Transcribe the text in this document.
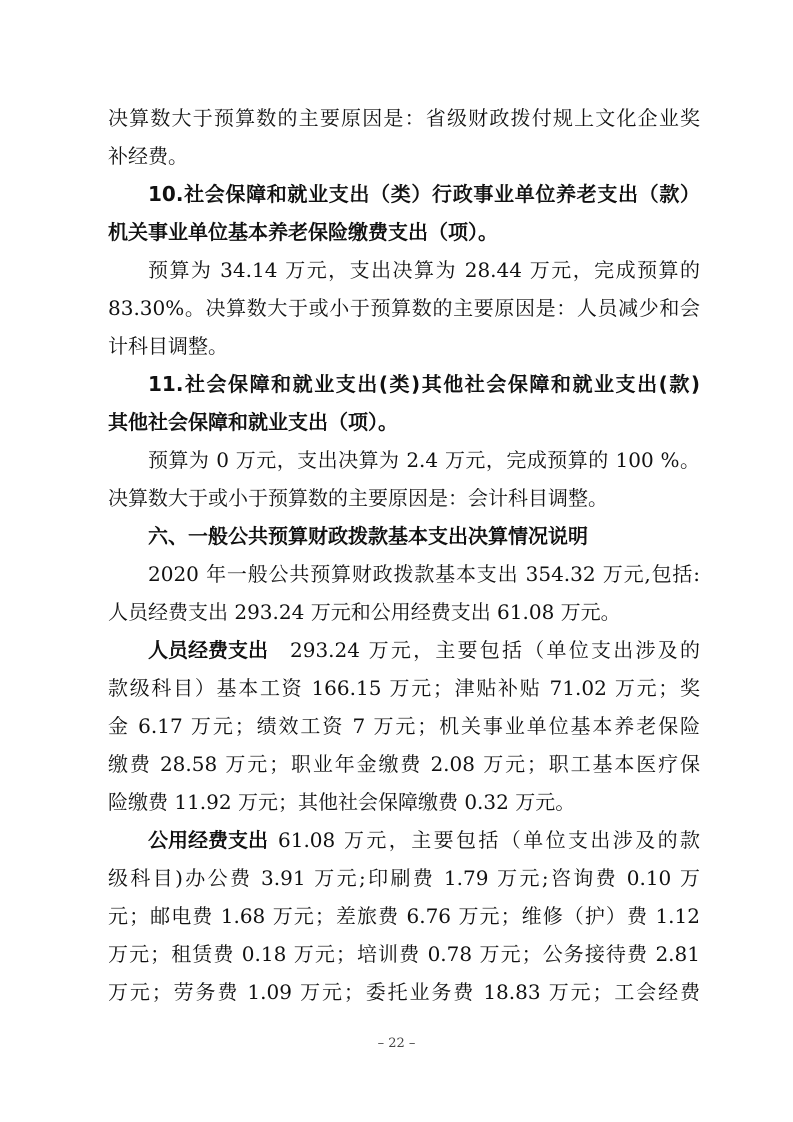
决算数大于预算数的主要原因是：省级财政拨付规上文化企业奖
补经费。
10.社会保障和就业支出（类）行政事业单位养老支出（款）
机关事业单位基本养老保险缴费支出（项）。
预算为 34.14 万元，支出决算为 28.44 万元，完成预算的
83.30%。决算数大于或小于预算数的主要原因是：人员减少和会
计科目调整。
11.社会保障和就业支出(类)其他社会保障和就业支出(款)
其他社会保障和就业支出（项）。
预算为 0 万元，支出决算为 2.4 万元，完成预算的 100 %。
决算数大于或小于预算数的主要原因是：会计科目调整。
六、一般公共预算财政拨款基本支出决算情况说明
2020 年一般公共预算财政拨款基本支出 354.32 万元,包括:
人员经费支出 293.24 万元和公用经费支出 61.08 万元。
人员经费支出 293.24 万元，主要包括（单位支出涉及的
款级科目）基本工资 166.15 万元；津贴补贴 71.02 万元；奖
金 6.17 万元；绩效工资 7 万元；机关事业单位基本养老保险
缴费 28.58 万元；职业年金缴费 2.08 万元；职工基本医疗保
险缴费 11.92 万元；其他社会保障缴费 0.32 万元。
公用经费支出 61.08 万元，主要包括（单位支出涉及的款
级科目)办公费 3.91 万元;印刷费 1.79 万元;咨询费 0.10 万
元；邮电费 1.68 万元；差旅费 6.76 万元；维修（护）费 1.12
万元；租赁费 0.18 万元；培训费 0.78 万元；公务接待费 2.81
万元；劳务费 1.09 万元；委托业务费 18.83 万元；工会经费
– 22 –
